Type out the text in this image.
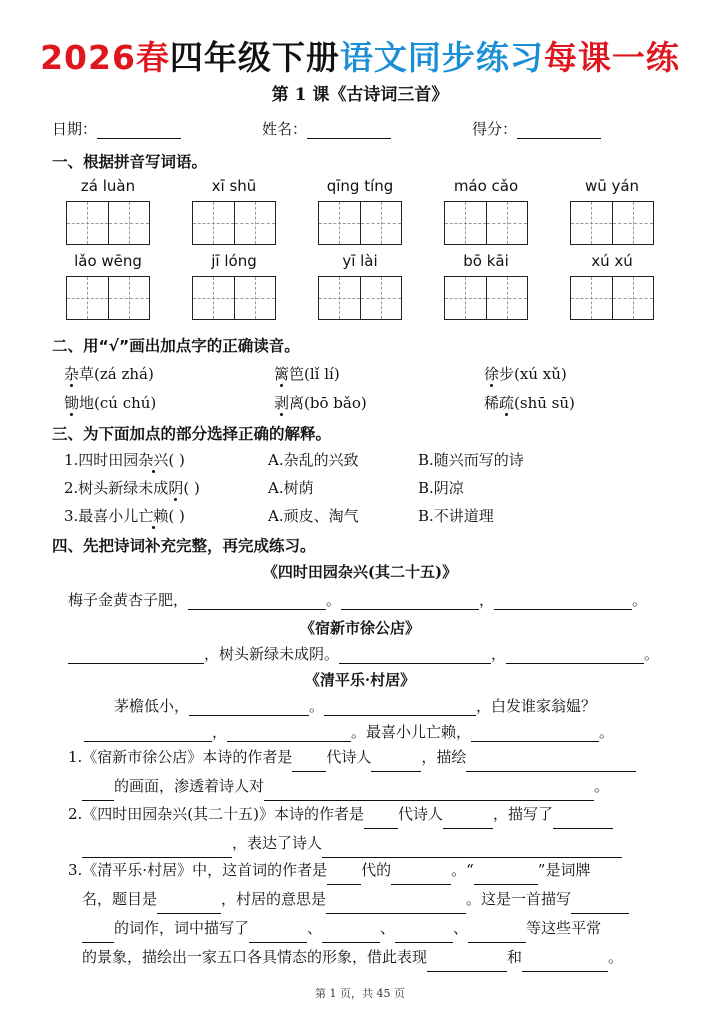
2026春四年级下册语文同步练习每课一练
第 1 课《古诗词三首》
日期：	姓名：	得分：
一、根据拼音写词语。
zá luàn	xī shū	qīng tíng	máo cǎo	wū yán
lǎo wēng	jī lóng	yī lài	bō kāi	xú xú
二、用“√”画出加点字的正确读音。
杂草(zá zhá)	篱笆(lǐ lí)	徐步(xú xǔ)
锄地(cú chú)	剥离(bō bǎo)	稀疏(shū sū)
三、为下面加点的部分选择正确的解释。
1.四时田园杂兴( )	A.杂乱的兴致	B.随兴而写的诗
2.树头新绿未成阴( )	A.树荫	B.阴凉
3.最喜小儿亡赖( )	A.顽皮、淘气	B.不讲道理
四、先把诗词补充完整，再完成练习。
《四时田园杂兴(其二十五)》
梅子金黄杏子肥，	。	，	。
《宿新市徐公店》
，树头新绿未成阴。	，	。
《清平乐·村居》
茅檐低小，	。	，白发谁家翁媪？
，	。最喜小儿亡赖，	。
1.《宿新市徐公店》本诗的作者是 代诗人	，描绘
的画面，渗透着诗人对	。
2.《四时田园杂兴(其二十五)》本诗的作者是 代诗人	，描写了
，表达了诗人
3.《清平乐·村居》中，这首词的作者是 代的	。“	”是词牌
名，题目是	，村居的意思是	。这是一首描写
的词作，词中描写了	、	、	、	等这些平常
的景象，描绘出一家五口各具情态的形象，借此表现	和	。
第 1 页，共 45 页
